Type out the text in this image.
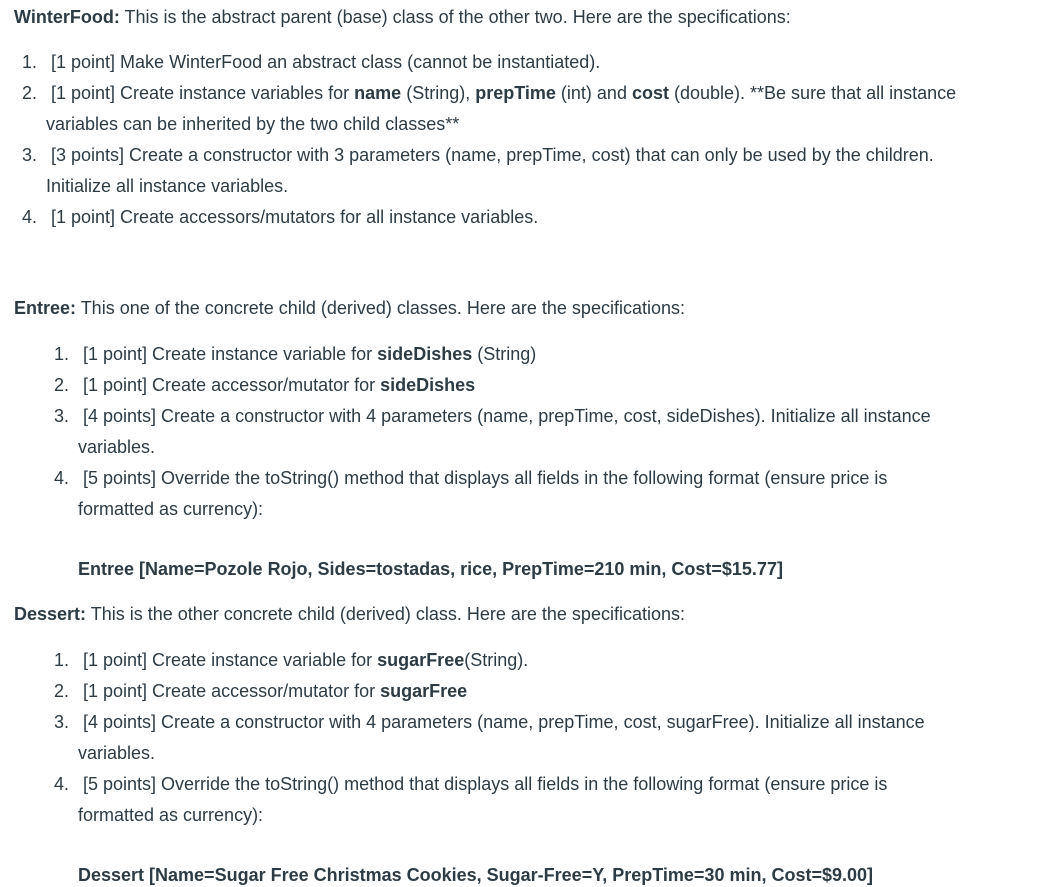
WinterFood: This is the abstract parent (base) class of the other two. Here are the specifications:

1. [1 point] Make WinterFood an abstract class (cannot be instantiated).
2. [1 point] Create instance variables for name (String), prepTime (int) and cost (double). **Be sure that all instance
variables can be inherited by the two child classes**
3. [3 points] Create a constructor with 3 parameters (name, prepTime, cost) that can only be used by the children.
Initialize all instance variables.
4. [1 point] Create accessors/mutators for all instance variables.

Entree: This one of the concrete child (derived) classes. Here are the specifications:

1. [1 point] Create instance variable for sideDishes (String)
2. [1 point] Create accessor/mutator for sideDishes
3. [4 points] Create a constructor with 4 parameters (name, prepTime, cost, sideDishes). Initialize all instance
variables.
4. [5 points] Override the toString() method that displays all fields in the following format (ensure price is
formatted as currency):

Entree [Name=Pozole Rojo, Sides=tostadas, rice, PrepTime=210 min, Cost=$15.77]

Dessert: This is the other concrete child (derived) class. Here are the specifications:

1. [1 point] Create instance variable for sugarFree(String).
2. [1 point] Create accessor/mutator for sugarFree
3. [4 points] Create a constructor with 4 parameters (name, prepTime, cost, sugarFree). Initialize all instance
variables.
4. [5 points] Override the toString() method that displays all fields in the following format (ensure price is
formatted as currency):

Dessert [Name=Sugar Free Christmas Cookies, Sugar-Free=Y, PrepTime=30 min, Cost=$9.00]
